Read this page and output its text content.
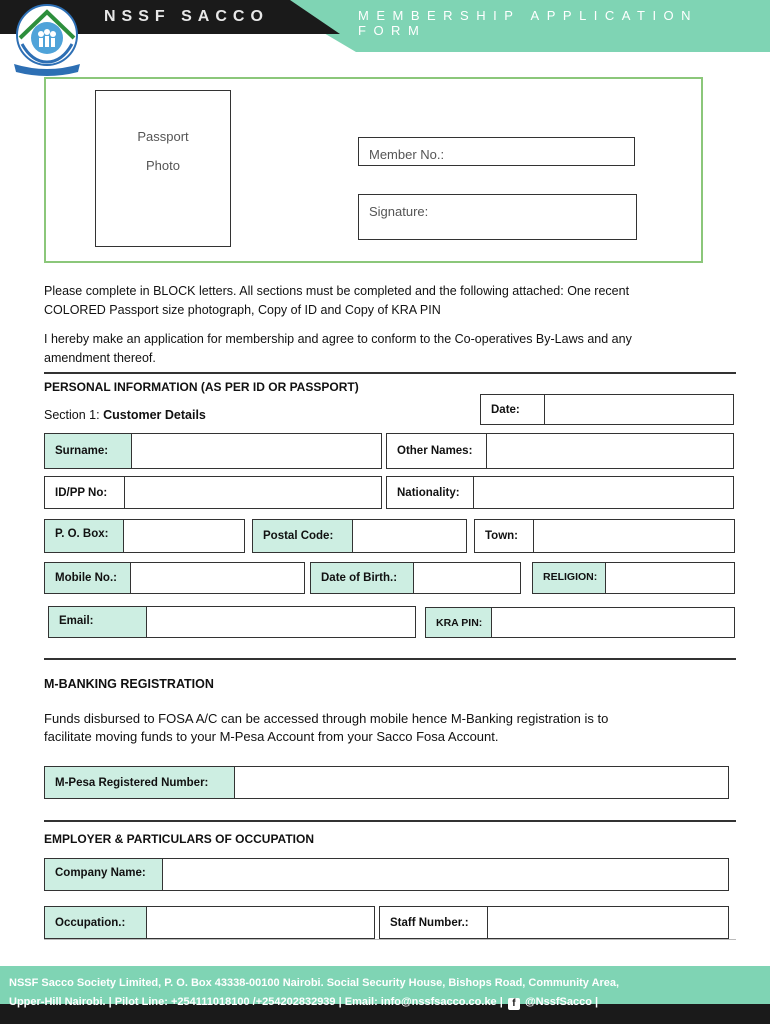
NSSF SACCO	MEMBERSHIP APPLICATION FORM
Passport
Photo
Member No.:
Signature:
Please complete in BLOCK letters. All sections must be completed and the following attached: One recent
COLORED Passport size photograph, Copy of ID and Copy of KRA PIN
I hereby make an application for membership and agree to conform to the Co-operatives By-Laws and any
amendment thereof.
PERSONAL INFORMATION (AS PER ID OR PASSPORT)
Section 1: Customer Details	Date:
Surname:	Other Names:
ID/PP No:	Nationality:
P. O. Box:	Postal Code:	Town:
Mobile No.:	Date of Birth.:	RELIGION:
Email:	KRA PIN:
M-BANKING REGISTRATION
Funds disbursed to FOSA A/C can be accessed through mobile hence M-Banking registration is to
facilitate moving funds to your M-Pesa Account from your Sacco Fosa Account.
M-Pesa Registered Number:
EMPLOYER & PARTICULARS OF OCCUPATION
Company Name:
Occupation.:	Staff Number.:
NSSF Sacco Society Limited, P. O. Box 43338-00100 Nairobi. Social Security House, Bishops Road, Community Area,
Upper-Hill Nairobi. | Pilot Line: +254111018100 /+254202832939 | Email: info@nssfsacco.co.ke | f @NssfSacco |
